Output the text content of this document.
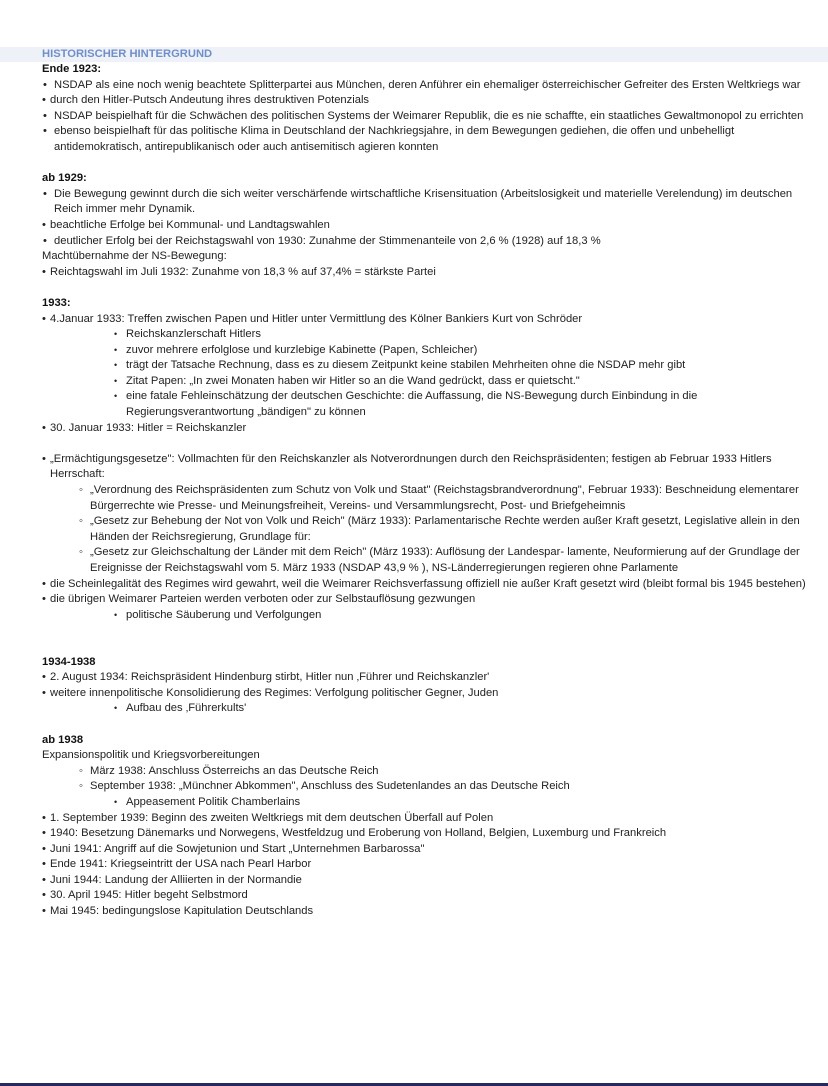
HISTORISCHER HINTERGRUND
Ende 1923:
• NSDAP als eine noch wenig beachtete Splitterpartei aus München, deren Anführer ein ehemaliger österreichischer Gefreiter des Ersten Weltkriegs war
• durch den Hitler-Putsch Andeutung ihres destruktiven Potenzials
• NSDAP beispielhaft für die Schwächen des politischen Systems der Weimarer Republik, die es nie schaffte, ein staatliches Gewaltmonopol zu errichten
• ebenso beispielhaft für das politische Klima in Deutschland der Nachkriegsjahre, in dem Bewegungen gediehen, die offen und unbehelligt antidemokratisch, antirepublikanisch oder auch antisemitisch agieren konnten
ab 1929:
• Die Bewegung gewinnt durch die sich weiter verschärfende wirtschaftliche Krisensituation (Arbeitslosigkeit und materielle Verelendung) im deutschen Reich immer mehr Dynamik.
• beachtliche Erfolge bei Kommunal- und Landtagswahlen
• deutlicher Erfolg bei der Reichstagswahl von 1930: Zunahme der Stimmenanteile von 2,6 % (1928) auf 18,3 %
Machtübernahme der NS-Bewegung:
• Reichtagswahl im Juli 1932: Zunahme von 18,3 % auf 37,4% = stärkste Partei
1933:
• 4.Januar 1933: Treffen zwischen Papen und Hitler unter Vermittlung des Kölner Bankiers Kurt von Schröder
• Reichskanzlerschaft Hitlers
• zuvor mehrere erfolglose und kurzlebige Kabinette (Papen, Schleicher)
• trägt der Tatsache Rechnung, dass es zu diesem Zeitpunkt keine stabilen Mehrheiten ohne die NSDAP mehr gibt
• Zitat Papen: „In zwei Monaten haben wir Hitler so an die Wand gedrückt, dass er quietscht."
• eine fatale Fehleinschätzung der deutschen Geschichte: die Auffassung, die NS-Bewegung durch Einbindung in die Regierungsverantwortung „bändigen" zu können
• 30. Januar 1933: Hitler = Reichskanzler
• „Ermächtigungsgesetze": Vollmachten für den Reichskanzler als Notverordnungen durch den Reichspräsidenten; festigen ab Februar 1933 Hitlers Herrschaft:
◦ „Verordnung des Reichspräsidenten zum Schutz von Volk und Staat" (Reichstagsbrandverordnung", Februar 1933): Beschneidung elementarer Bürgerrechte wie Presse- und Meinungsfreiheit, Vereins- und Versammlungsrecht, Post- und Briefgeheimnis
◦ „Gesetz zur Behebung der Not von Volk und Reich" (März 1933): Parlamentarische Rechte werden außer Kraft gesetzt, Legislative allein in den Händen der Reichsregierung, Grundlage für:
◦ „Gesetz zur Gleichschaltung der Länder mit dem Reich" (März 1933): Auflösung der Landespar- lamente, Neuformierung auf der Grundlage der Ereignisse der Reichstagswahl vom 5. März 1933 (NSDAP 43,9 % ), NS-Länderregierungen regieren ohne Parlamente
• die Scheinlegalität des Regimes wird gewahrt, weil die Weimarer Reichsverfassung offiziell nie außer Kraft gesetzt wird (bleibt formal bis 1945 bestehen)
• die übrigen Weimarer Parteien werden verboten oder zur Selbstauflösung gezwungen
• politische Säuberung und Verfolgungen
1934-1938
• 2. August 1934: Reichspräsident Hindenburg stirbt, Hitler nun ‚Führer und Reichskanzler'
• weitere innenpolitische Konsolidierung des Regimes: Verfolgung politischer Gegner, Juden
• Aufbau des ‚Führerkults'
ab 1938
Expansionspolitik und Kriegsvorbereitungen
◦ März 1938: Anschluss Österreichs an das Deutsche Reich
◦ September 1938: „Münchner Abkommen", Anschluss des Sudetenlandes an das Deutsche Reich
• Appeasement Politik Chamberlains
• 1. September 1939: Beginn des zweiten Weltkriegs mit dem deutschen Überfall auf Polen
• 1940: Besetzung Dänemarks und Norwegens, Westfeldzug und Eroberung von Holland, Belgien, Luxemburg und Frankreich
• Juni 1941: Angriff auf die Sowjetunion und Start „Unternehmen Barbarossa"
• Ende 1941: Kriegseintritt der USA nach Pearl Harbor
• Juni 1944: Landung der Alliierten in der Normandie
• 30. April 1945: Hitler begeht Selbstmord
• Mai 1945: bedingungslose Kapitulation Deutschlands
